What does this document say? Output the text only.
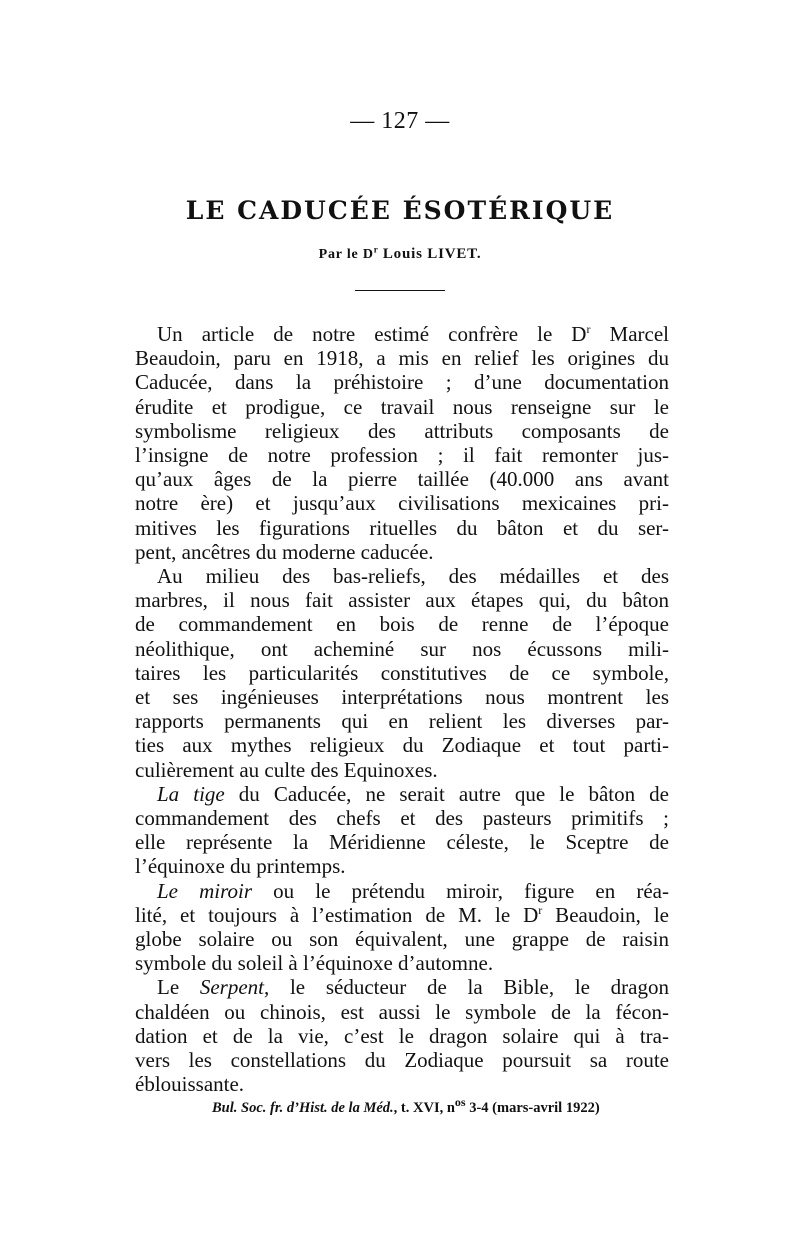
— 127 —
LE CADUCÉE ÉSOTÉRIQUE
Par le $D^r$ Louis LIVET.
Un article de notre estimé confrère le $D^r$ Marcel
Beaudoin, paru en 1918, a mis en relief les origines du
Caducée, dans la préhistoire ; d’une documentation
érudite et prodigue, ce travail nous renseigne sur le
symbolisme religieux des attributs composants de
l’insigne de notre profession ; il fait remonter jus-
qu’aux âges de la pierre taillée (40.000 ans avant
notre ère) et jusqu’aux civilisations mexicaines pri-
mitives les figurations rituelles du bâton et du ser-
pent, ancêtres du moderne caducée.
Au milieu des bas-reliefs, des médailles et des
marbres, il nous fait assister aux étapes qui, du bâton
de commandement en bois de renne de l’époque
néolithique, ont acheminé sur nos écussons mili-
taires les particularités constitutives de ce symbole,
et ses ingénieuses interprétations nous montrent les
rapports permanents qui en relient les diverses par-
ties aux mythes religieux du Zodiaque et tout parti-
culièrement au culte des Equinoxes.
La tige du Caducée, ne serait autre que le bâton de
commandement des chefs et des pasteurs primitifs ;
elle représente la Méridienne céleste, le Sceptre de
l’équinoxe du printemps.
Le miroir ou le prétendu miroir, figure en réa-
lité, et toujours à l’estimation de M. le $D^r$ Beaudoin, le
globe solaire ou son équivalent, une grappe de raisin
symbole du soleil à l’équinoxe d’automne.
Le Serpent, le séducteur de la Bible, le dragon
chaldéen ou chinois, est aussi le symbole de la fécon-
dation et de la vie, c’est le dragon solaire qui à tra-
vers les constellations du Zodiaque poursuit sa route
éblouissante.
Bul. Soc. fr. d’Hist. de la Méd., t. XVI, $n^{os}$ 3-4 (mars-avril 1922)
